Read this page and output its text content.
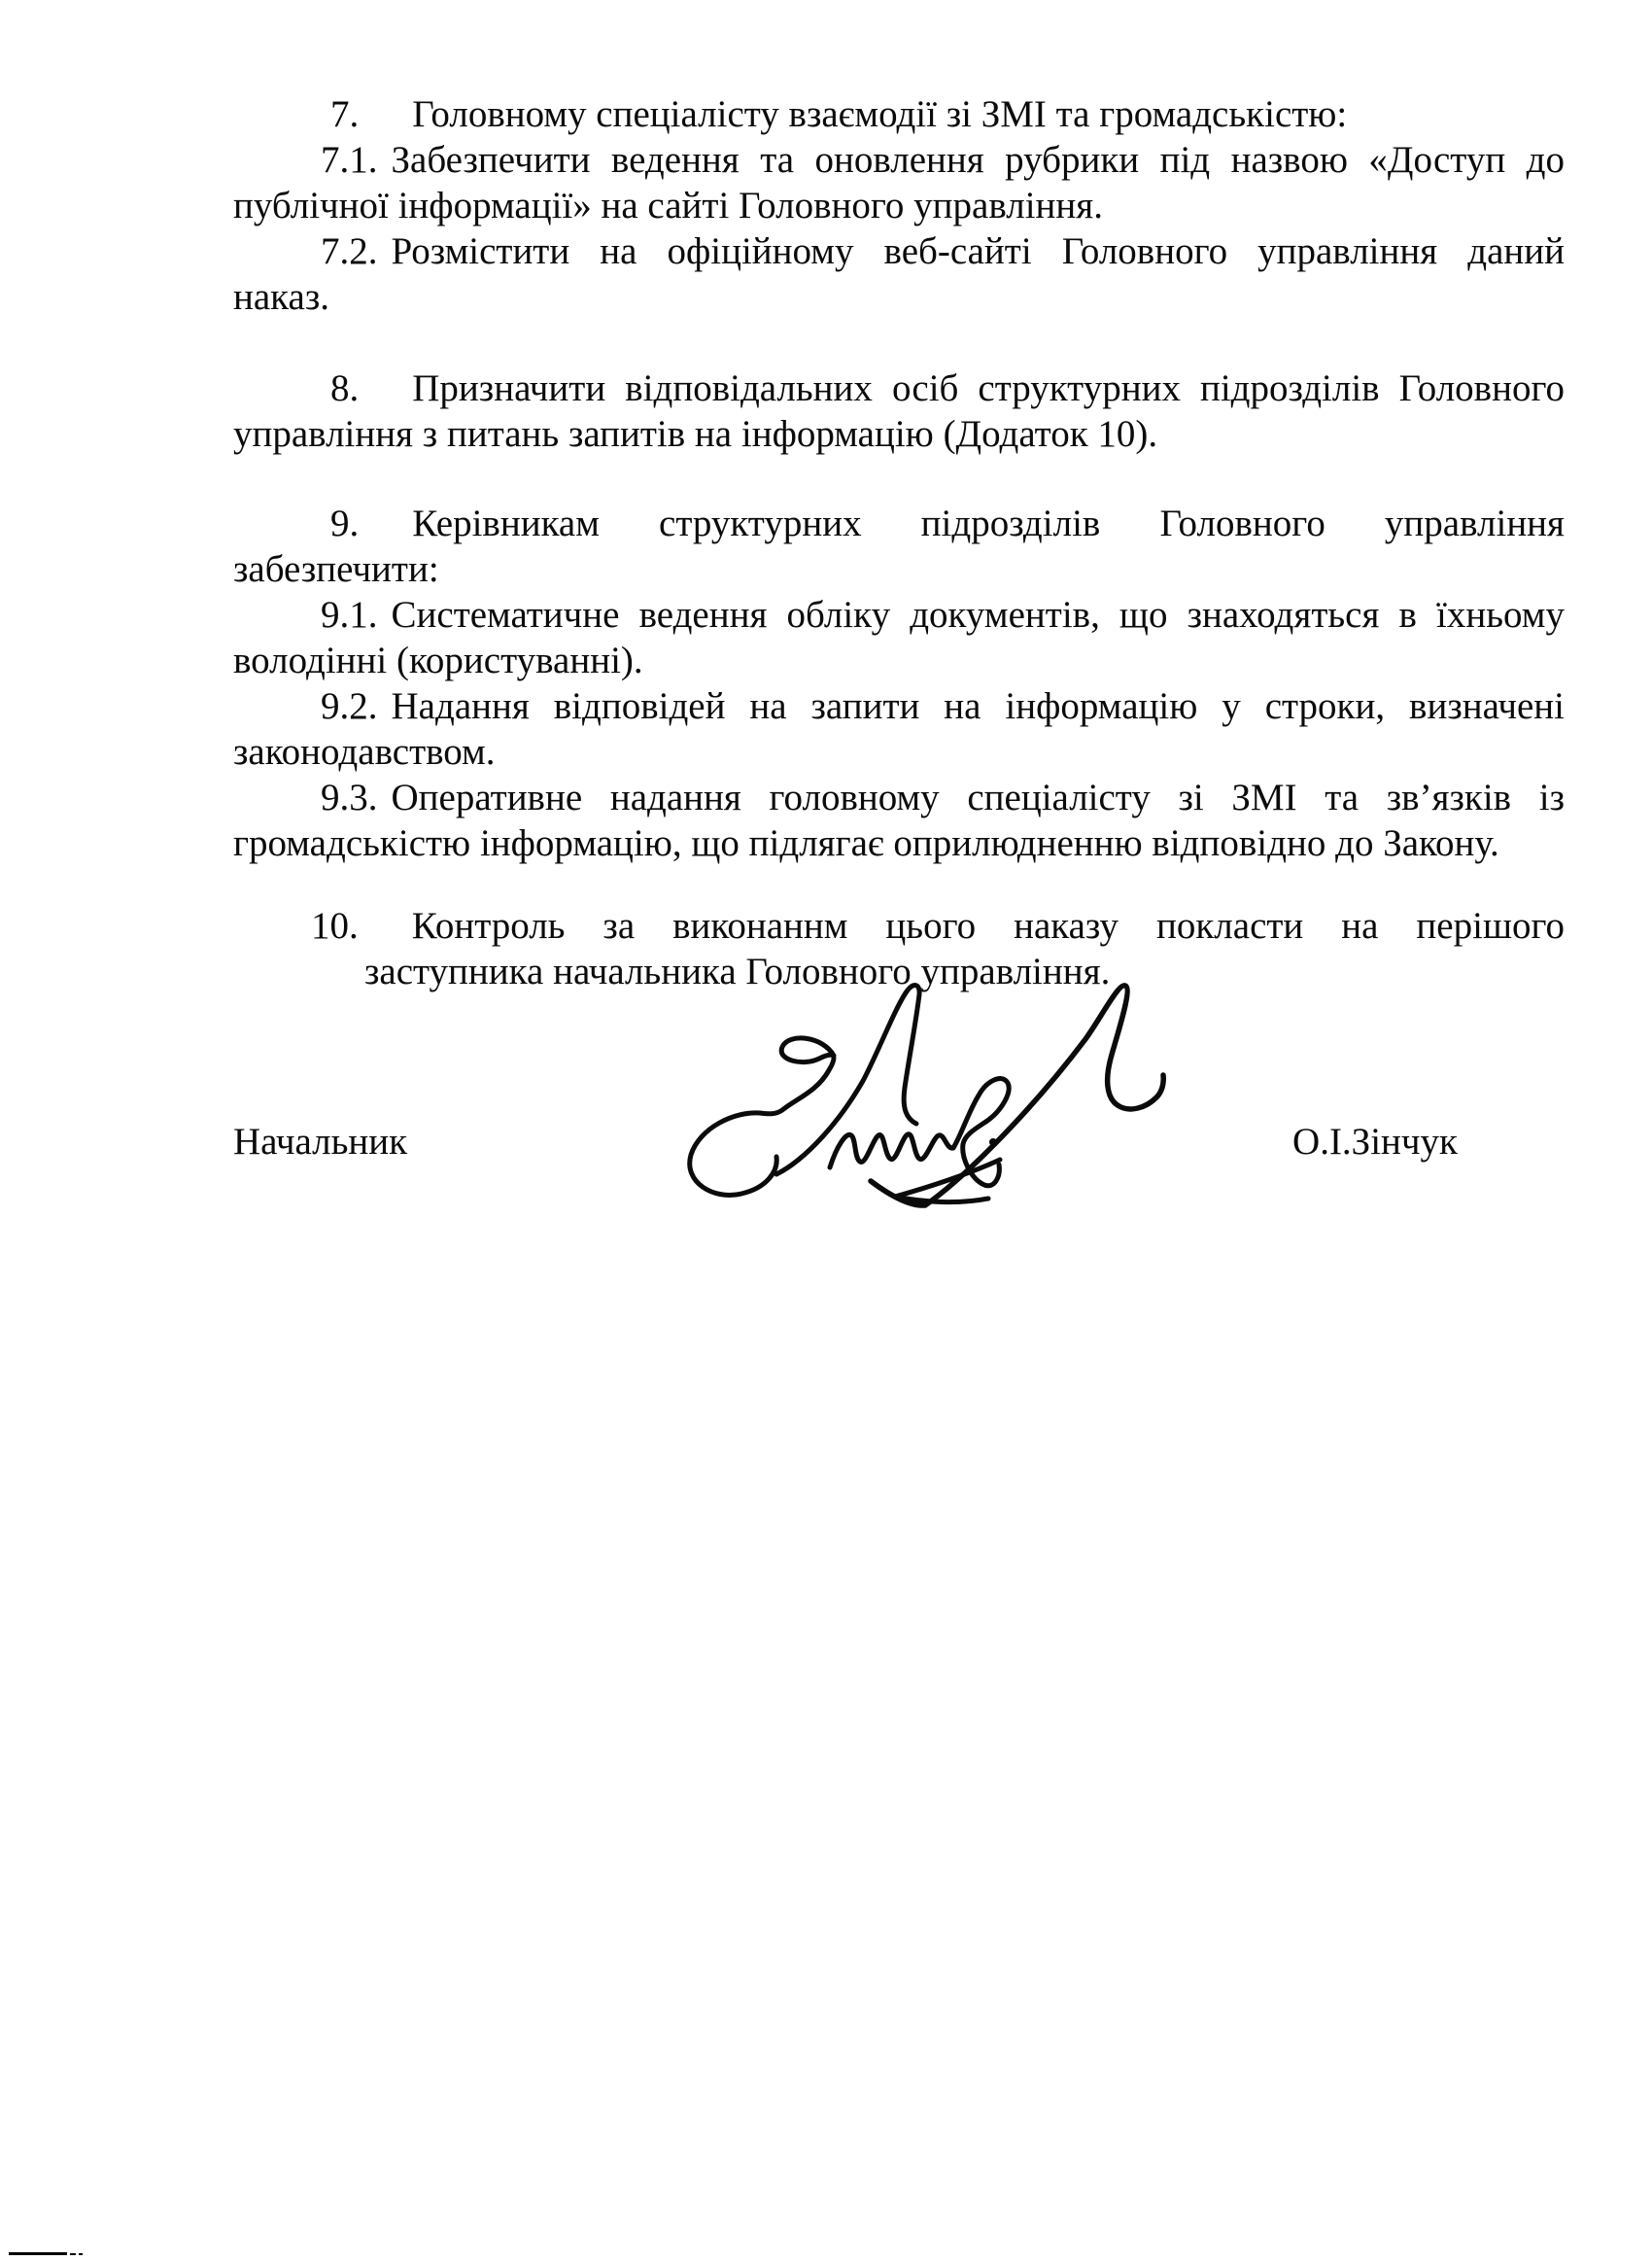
7. Головному спеціалісту взаємодії зі ЗМІ та громадськістю:

7.1. Забезпечити ведення та оновлення рубрики під назвою «Доступ до
публічної інформації» на сайті Головного управління.

7.2. Розмістити на офіційному веб-сайті Головного управління даний
наказ.

8. Призначити відповідальних осіб структурних підрозділів Головного
управління з питань запитів на інформацію (Додаток 10).

9. Керівникам структурних підрозділів Головного управління
забезпечити:

9.1. Систематичне ведення обліку документів, що знаходяться в їхньому
володінні (користуванні).

9.2. Надання відповідей на запити на інформацію у строки, визначені
законодавством.

9.3. Оперативне надання головному спеціалісту зі ЗМІ та зв’язків із
громадськістю інформацію, що підлягає оприлюдненню відповідно до Закону.

10. Контроль за виконаннм цього наказу покласти на перішого
заступника начальника Головного управління.

Начальник	О.І.Зінчук
